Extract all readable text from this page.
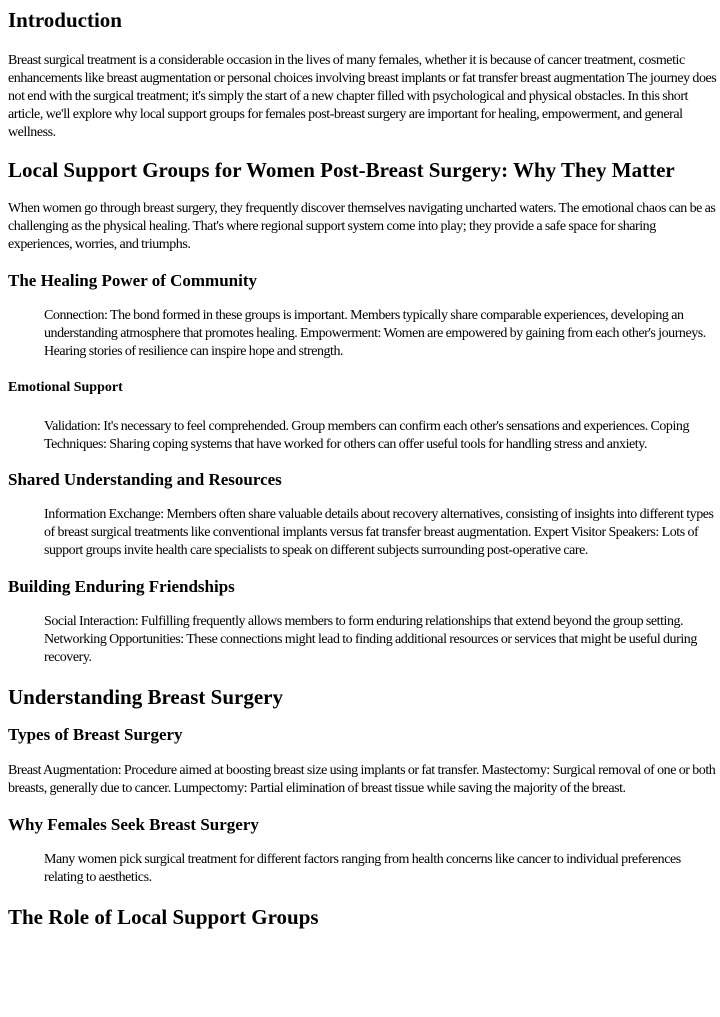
Introduction

Breast surgical treatment is a considerable occasion in the lives of many females, whether it is because of cancer treatment, cosmetic enhancements like breast augmentation or personal choices involving breast implants or fat transfer breast augmentation The journey does not end with the surgical treatment; it's simply the start of a new chapter filled with psychological and physical obstacles. In this short article, we'll explore why local support groups for females post-breast surgery are important for healing, empowerment, and general wellness.

Local Support Groups for Women Post-Breast Surgery: Why They Matter

When women go through breast surgery, they frequently discover themselves navigating uncharted waters. The emotional chaos can be as challenging as the physical healing. That's where regional support system come into play; they provide a safe space for sharing experiences, worries, and triumphs.

The Healing Power of Community

Connection: The bond formed in these groups is important. Members typically share comparable experiences, developing an understanding atmosphere that promotes healing. Empowerment: Women are empowered by gaining from each other's journeys. Hearing stories of resilience can inspire hope and strength.

Emotional Support

Validation: It's necessary to feel comprehended. Group members can confirm each other's sensations and experiences. Coping Techniques: Sharing coping systems that have worked for others can offer useful tools for handling stress and anxiety.

Shared Understanding and Resources

Information Exchange: Members often share valuable details about recovery alternatives, consisting of insights into different types of breast surgical treatments like conventional implants versus fat transfer breast augmentation. Expert Visitor Speakers: Lots of support groups invite health care specialists to speak on different subjects surrounding post-operative care.

Building Enduring Friendships

Social Interaction: Fulfilling frequently allows members to form enduring relationships that extend beyond the group setting. Networking Opportunities: These connections might lead to finding additional resources or services that might be useful during recovery.

Understanding Breast Surgery
Types of Breast Surgery

Breast Augmentation: Procedure aimed at boosting breast size using implants or fat transfer. Mastectomy: Surgical removal of one or both breasts, generally due to cancer. Lumpectomy: Partial elimination of breast tissue while saving the majority of the breast.

Why Females Seek Breast Surgery

Many women pick surgical treatment for different factors ranging from health concerns like cancer to individual preferences relating to aesthetics.

The Role of Local Support Groups
